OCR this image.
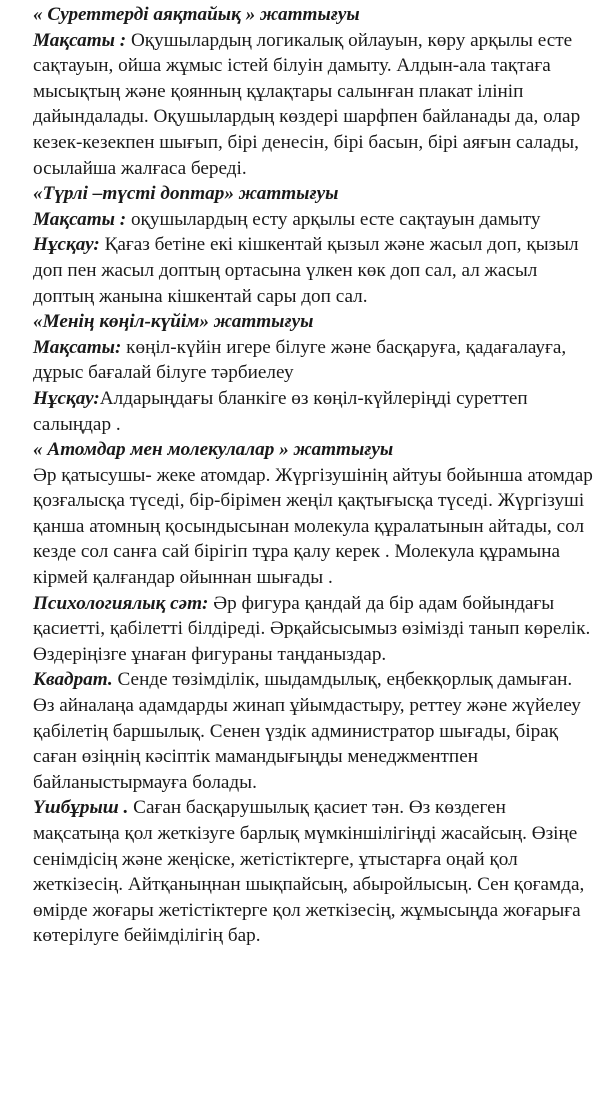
« Суреттерді аяқтайық » жаттығуы

Мақсаты : Оқушылардың логикалық ойлауын, көру арқылы есте сақтауын, ойша жұмыс істей білуін дамыту. Алдын-ала тақтаға мысықтың және қоянның құлақтары салынған плакат ілініп дайындалады. Оқушылардың көздері шарфпен байланады да, олар кезек-кезекпен шығып, бірі денесін, бірі басын, бірі аяғын салады, осылайша жалғаса береді.

«Түрлі –түсті доптар» жаттығуы

Мақсаты : оқушылардың есту арқылы есте сақтауын дамыту

Нұсқау: Қағаз бетіне екі кішкентай қызыл және жасыл доп, қызыл доп пен жасыл доптың ортасына үлкен көк доп сал, ал жасыл доптың жанына кішкентай сары доп сал.

«Менің көңіл-күйім» жаттығуы

Мақсаты: көңіл-күйін игере білуге және басқаруға, қадағалауға, дұрыс бағалай білуге тәрбиелеу

Нұсқау:Алдарыңдағы бланкіге өз көңіл-күйлеріңді суреттеп салыңдар .

« Атомдар мен молекулалар » жаттығуы

Әр қатысушы- жеке атомдар. Жүргізушінің айтуы бойынша атомдар қозғалысқа түседі, бір-бірімен жеңіл қақтығысқа түседі. Жүргізуші қанша атомның қосындысынан молекула құралатынын айтады, сол кезде сол санға сай бірігіп тұра қалу керек . Молекула құрамына кірмей қалғандар ойыннан шығады .

Психологиялық сәт: Әр фигура қандай да бір адам бойындағы қасиетті, қабілетті білдіреді. Әрқайсысымыз өзімізді танып көрелік. Өздеріңізге ұнаған фигураны таңданыздар.

Квадрат. Сенде төзімділік, шыдамдылық, еңбекқорлық дамыған. Өз айналаңа адамдарды жинап ұйымдастыру, реттеу және жүйелеу қабілетің баршылық. Сенен үздік администратор шығады, бірақ саған өзіңнің кәсіптік мамандығыңды менеджментпен байланыстырмауға болады.

Үшбұрыш . Саған басқарушылық қасиет тән. Өз көздеген мақсатыңа қол жеткізуге барлық мүмкіншілігіңді жасайсың. Өзіңе сенімдісің және жеңіске, жетістіктерге, ұтыстарға оңай қол жеткізесің. Айтқаныңнан шықпайсың, абыройлысың. Сен қоғамда, өмірде жоғары жетістіктерге қол жеткізесің, жұмысыңда жоғарыға көтерілуге бейімділігің бар.
